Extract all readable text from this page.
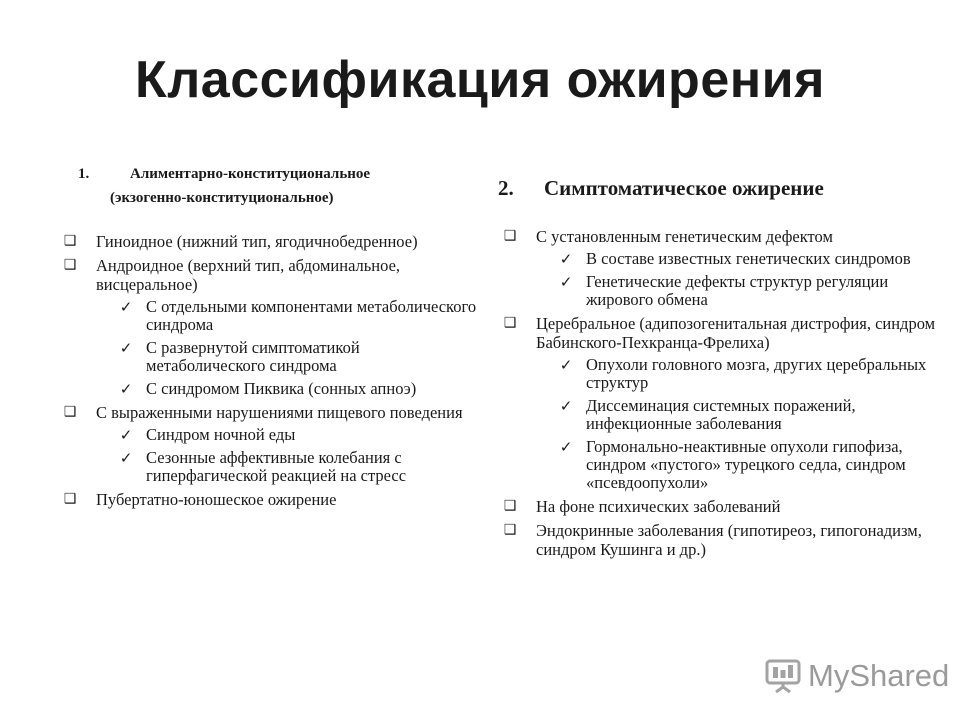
Классификация ожирения
1.	Алиментарно-конституциональное
(экзогенно-конституциональное)
❑ Гиноидное (нижний тип, ягодичнобедренное)
❑ Андроидное (верхний тип, абдоминальное, висцеральное)
✓ С отдельными компонентами метаболического синдрома
✓ С развернутой симптоматикой метаболического синдрома
✓ С синдромом Пиквика (сонных апноэ)
❑ С выраженными нарушениями пищевого поведения
✓ Синдром ночной еды
✓ Сезонные аффективные колебания с гиперфагической реакцией на стресс
❑ Пубертатно-юношеское ожирение
2. Симптоматическое ожирение
❑ С установленным генетическим дефектом
✓ В составе известных генетических синдромов
✓ Генетические дефекты структур регуляции жирового обмена
❑ Церебральное (адипозогенитальная дистрофия, синдром Бабинского-Пехкранца-Фрелиха)
✓ Опухоли головного мозга, других церебральных структур
✓ Диссеминация системных поражений, инфекционные заболевания
✓ Гормонально-неактивные опухоли гипофиза, синдром «пустого» турецкого седла, синдром «псевдоопухоли»
❑ На фоне психических заболеваний
❑ Эндокринные заболевания (гипотиреоз, гипогонадизм, синдром Кушинга и др.)
MyShared
